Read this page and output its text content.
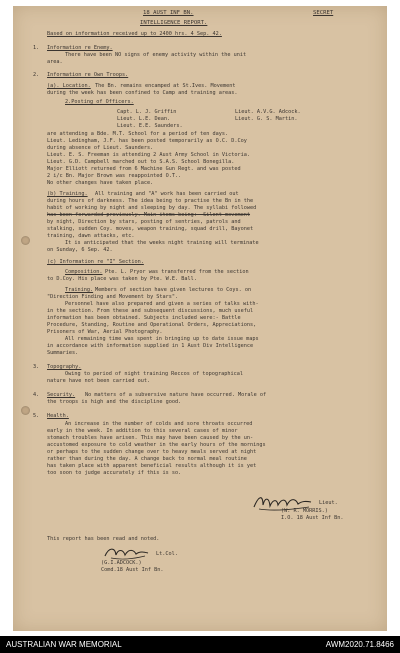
18 AUST INF BN.	SECRET
INTELLIGENCE REPORT.
Based on information received up to 2400 hrs. 4 Sep. 42.
1. Information re Enemy.
There have been NO signs of enemy activity within the unit
area.
2. Information re Own Troops.
(a). Location. The Bn. remains encamped at St.Ives. Movement
during the week has been confined to Camp and training areas.
2.Posting of Officers.
Capt. L. J. Griffin
Lieut. L.E. Dean.
Lieut. E.E. Saunders.
Lieut. A.V.G. Adcock.
Lieut. G. S. Martin.
are attending a Bde. M.T. School for a period of ten days.
Lieut. Ledingham, J.F. has been posted temporarily as O.C. D.Coy
during absence of Lieut. Saunders.
Lieut. E. S. Freeman is attending 2 Aust Army School in Victoria.
Lieut. G.D. Campbell marched out to S.A.S. School Bonegilla.
Major Elliott returned from 6 Machine Gun Regt. and was posted
2 i/c Bn. Major Brown was reappointed O.T..
No other changes have taken place.
(b) Training. All training and "A" work has been carried out
during hours of darkness. The idea being to practise the Bn in the
habit of working by night and sleeping by day. The syllabi followed
has been forwarded previously. Main items being:- Silent movement
by night, Direction by stars, posting of sentries, patrols and
stalking, sudden Coy. moves, weapon training, squad drill, Bayonet
training, dawn attacks, etc.
It is anticipated that the weeks night training will terminate
on Sunday, 6 Sep. 42.
(c) Information re "I" Section.
Composition. Pte. L. Pryor was transferred from the section
to D.Coy. His place was taken by Pte. W.E. Ball.
Training. Members of section have given lectures to Coys. on
"Direction Finding and Movement by Stars".
Personnel have also prepared and given a series of talks with-
in the section. From these and subsequent discussions, much useful
information has been obtained. Subjects included were:- Battle
Procedure, Standing, Routine and Operational Orders, Appreciations,
Prisoners of War, Aerial Photography.
All remaining time was spent in bringing up to date issue maps
in accordance with information supplied in 1 Aust Div Intelligence
Summaries.
3. Topography.
Owing to period of night training Reccos of topographical
nature have not been carried out.
4. Security. No matters of a subversive nature have occurred. Morale of
the troops is high and the discipline good.
5. Health.
An increase in the number of colds and sore throats occurred
early in the week. In addition to this several cases of minor
stomach troubles have arisen. This may have been caused by the un-
accustomed exposure to cold weather in the early hours of the mornings
or perhaps to the sudden change over to heavy meals served at night
rather than during the day. A change back to normal meal routine
has taken place with apparent beneficial results although it is yet
too soon to judge accurately if this is so.
Lieut.
(W. R. MORRIS.)
I.O. 18 Aust Inf Bn.
This report has been read and noted.
Lt.Col.
(G.I.ADCOCK.)
Comd.18 Aust Inf Bn.
AUSTRALIAN WAR MEMORIAL	AWM2020.71.8466
